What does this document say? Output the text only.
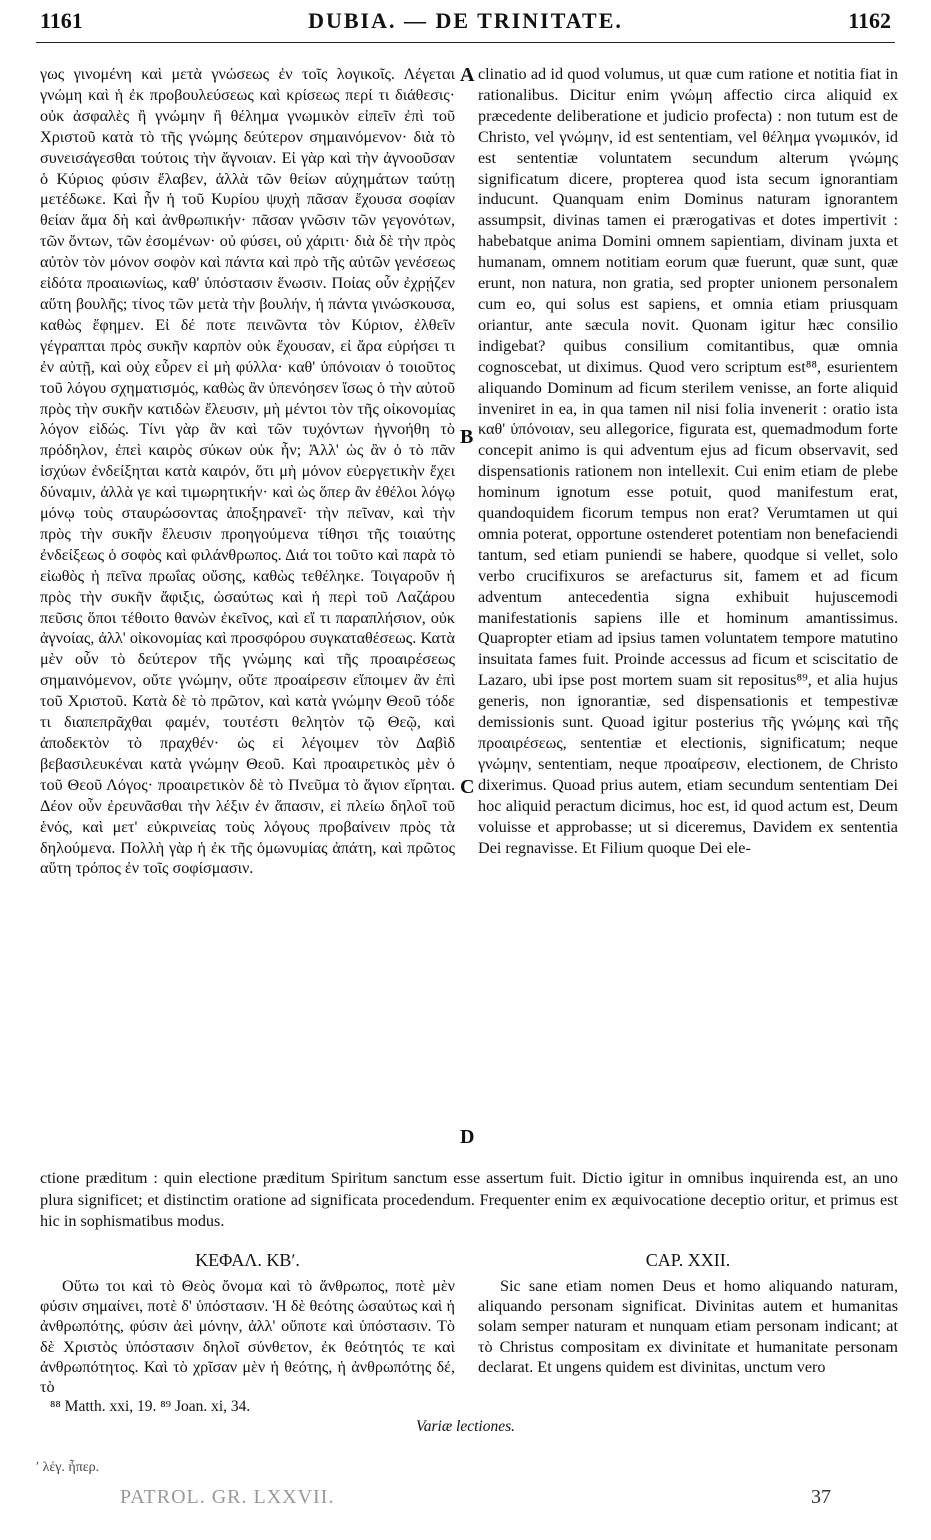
1161	DUBIA. — DE TRINITATE.	1162

γως γινομένη καὶ μετὰ γνώσεως ἐν τοῖς λογικοῖς. Λέγεται γνώμη καὶ ἡ ἐκ προβουλεύσεως καὶ κρίσεως περί τι διάθεσις· οὐκ ἀσφαλὲς ἢ γνώμην ἢ θέλημα γνωμικὸν εἰπεῖν ἐπὶ τοῦ Χριστοῦ κατὰ τὸ τῆς γνώμης δεύτερον σημαινόμενον· διὰ τὸ συνεισάγεσθαι τούτοις τὴν ἄγνοιαν. Εἰ γὰρ καὶ τὴν ἀγνοοῦσαν ὁ Κύριος φύσιν ἔλαβεν, ἀλλὰ τῶν θείων αὐχημάτων ταύτῃ μετέδωκε. Καὶ ἦν ἡ τοῦ Κυρίου ψυχὴ πᾶσαν ἔχουσα σοφίαν θείαν ἅμα δὴ καὶ ἀνθρωπικήν· πᾶσαν γνῶσιν τῶν γεγονότων, τῶν ὄντων, τῶν ἐσομένων· οὐ φύσει, οὐ χάριτι· διὰ δὲ τὴν πρὸς αὐτὸν τὸν μόνον σοφὸν καὶ πάντα καὶ πρὸ τῆς αὐτῶν γενέσεως εἰδότα προαιωνίως, καθ' ὑπόστασιν ἕνωσιν. Ποίας οὖν ἐχρῄζεν αὕτη βουλῆς; τίνος τῶν μετὰ τὴν βουλήν, ἡ πάντα γινώσκουσα, καθὼς ἔφημεν. Εἰ δέ ποτε πεινῶντα τὸν Κύριον, ἐλθεῖν γέγραπται πρὸς συκῆν καρπὸν οὐκ ἔχουσαν, εἰ ἄρα εὑρήσει τι ἐν αὐτῇ, καὶ οὐχ εὗρεν εἰ μὴ φύλλα· καθ' ὑπόνοιαν ὁ τοιοῦτος τοῦ λόγου σχηματισμός, καθὼς ἂν ὑπενόησεν ἴσως ὁ τὴν αὐτοῦ πρὸς τὴν συκῆν κατιδὼν ἔλευσιν, μὴ μέντοι τὸν τῆς οἰκονομίας λόγον εἰδώς. Τίνι γὰρ ἂν καὶ τῶν τυχόντων ἠγνοήθη τὸ πρόδηλον, ἐπεὶ καιρὸς σύκων οὐκ ἦν; Ἀλλ' ὡς ἂν ὁ τὸ πᾶν ἰσχύων ἐνδείξηται κατὰ καιρόν, ὅτι μὴ μόνον εὐεργετικὴν ἔχει δύναμιν, ἀλλὰ γε καὶ τιμωρητικήν· καὶ ὡς ὅπερ ἂν ἐθέλοι λόγῳ μόνῳ τοὺς σταυρώσοντας ἀποξηρανεῖ· τὴν πεῖναν, καὶ τὴν πρὸς τὴν συκῆν ἔλευσιν προηγούμενα τίθησι τῆς τοιαύτης ἐνδείξεως ὁ σοφὸς καὶ φιλάνθρωπος. Διά τοι τοῦτο καὶ παρὰ τὸ εἰωθὸς ἡ πεῖνα πρωΐας οὔσης, καθὼς τεθέληκε. Τοιγαροῦν ἡ πρὸς τὴν συκῆν ἄφιξις, ὡσαύτως καὶ ἡ περὶ τοῦ Λαζάρου πεῦσις ὅποι τέθοιτο θανὼν ἐκεῖνος, καὶ εἴ τι παραπλήσιον, οὐκ ἀγνοίας, ἀλλ' οἰκονομίας καὶ προσφόρου συγκαταθέσεως. Κατὰ μὲν οὖν τὸ δεύτερον τῆς γνώμης καὶ τῆς προαιρέσεως σημαινόμενον, οὔτε γνώμην, οὔτε προαίρεσιν εἴποιμεν ἂν ἐπὶ τοῦ Χριστοῦ. Κατὰ δὲ τὸ πρῶτον, καὶ κατὰ γνώμην Θεοῦ τόδε τι διαπεπρᾶχθαι φαμέν, τουτέστι θελητὸν τῷ Θεῷ, καὶ ἀποδεκτὸν τὸ πραχθέν· ὡς εἰ λέγοιμεν τὸν Δαβὶδ βεβασιλευκέναι κατὰ γνώμην Θεοῦ. Καὶ προαιρετικὸς μὲν ὁ τοῦ Θεοῦ Λόγος· προαιρετικὸν δὲ τὸ Πνεῦμα τὸ ἅγιον εἴρηται. Δέον οὖν ἐρευνᾶσθαι τὴν λέξιν ἐν ἅπασιν, εἰ πλείω δηλοῖ τοῦ ἑνός, καὶ μετ' εὐκρινείας τοὺς λόγους προβαίνειν πρὸς τὰ δηλούμενα. Πολλὴ γὰρ ἡ ἐκ τῆς ὁμωνυμίας ἀπάτη, καὶ πρῶτος αὕτη τρόπος ἐν τοῖς σοφίσμασιν.

clinatio ad id quod volumus, ut quæ cum ratione et notitia fiat in rationalibus. Dicitur enim γνώμη affectio circa aliquid ex præcedente deliberatione et judicio profecta) : non tutum est de Christo, vel γνώμην, id est sententiam, vel θέλημα γνωμικόν, id est sententiæ voluntatem secundum alterum γνώμης significatum dicere, propterea quod ista secum ignorantiam inducunt. Quanquam enim Dominus naturam ignorantem assumpsit, divinas tamen ei prærogativas et dotes impertivit : habebatque anima Domini omnem sapientiam, divinam juxta et humanam, omnem notitiam eorum quæ fuerunt, quæ sunt, quæ erunt, non natura, non gratia, sed propter unionem personalem cum eo, qui solus est sapiens, et omnia etiam priusquam oriantur, ante sæcula novit. Quonam igitur hæc consilio indigebat? quibus consilium comitantibus, quæ omnia cognoscebat, ut diximus. Quod vero scriptum est⁸⁸, esurientem aliquando Dominum ad ficum sterilem venisse, an forte aliquid inveniret in ea, in qua tamen nil nisi folia invenerit : oratio ista καθ' ὑπόνοιαν, seu allegorice, figurata est, quemadmodum forte concepit animo is qui adventum ejus ad ficum observavit, sed dispensationis rationem non intellexit. Cui enim etiam de plebe hominum ignotum esse potuit, quod manifestum erat, quandoquidem ficorum tempus non erat? Verumtamen ut qui omnia poterat, opportune ostenderet potentiam non benefaciendi tantum, sed etiam puniendi se habere, quodque si vellet, solo verbo crucifixuros se arefacturus sit, famem et ad ficum adventum antecedentia signa exhibuit hujuscemodi manifestationis sapiens ille et hominum amantissimus. Quapropter etiam ad ipsius tamen voluntatem tempore matutino insuitata fames fuit. Proinde accessus ad ficum et sciscitatio de Lazaro, ubi ipse post mortem suam sit repositus⁸⁹, et alia hujus generis, non ignorantiæ, sed dispensationis et tempestivæ demissionis sunt. Quoad igitur posterius τῆς γνώμης καὶ τῆς προαιρέσεως, sententiæ et electionis, significatum; neque γνώμην, sententiam, neque προαίρεσιν, electionem, de Christo dixerimus. Quoad prius autem, etiam secundum sententiam Dei hoc aliquid peractum dicimus, hoc est, id quod actum est, Deum voluisse et approbasse; ut si diceremus, Davidem ex sententia Dei regnavisse. Et Filium quoque Dei ele-

A
B
C
D
ctione præditum : quin electione præditum Spiritum sanctum esse assertum fuit. Dictio igitur in omnibus inquirenda est, an uno plura significet; et distinctim oratione ad significata procedendum. Frequenter enim ex æquivocatione deceptio oritur, et primus est hic in sophismatibus modus.
ΚΕΦΑΛ. ΚΒʹ.	CAP. XXII.
Οὕτω τοι καὶ τὸ Θεὸς ὄνομα καὶ τὸ ἄνθρωπος, ποτὲ μὲν φύσιν σημαίνει, ποτὲ δ' ὑπόστασιν. Ἡ δὲ θεότης ὡσαύτως καὶ ἡ ἀνθρωπότης, φύσιν ἀεὶ μόνην, ἀλλ' οὔποτε καὶ ὑπόστασιν. Τὸ δὲ Χριστὸς ὑπόστασιν δηλοῖ σύνθετον, ἐκ θεότητός τε καὶ ἀνθρωπότητος. Καὶ τὸ χρῖσαν μὲν ἡ θεότης, ἡ ἀνθρωπότης δέ, τὸ
Sic sane etiam nomen Deus et homo aliquando naturam, aliquando personam significat. Divinitas autem et humanitas solam semper naturam et nunquam etiam personam indicant; at τὸ Christus compositam ex divinitate et humanitate personam declarat. Et ungens quidem est divinitas, unctum vero
⁸⁸ Matth. xxi, 19. ⁸⁹ Joan. xi, 34.
Variæ lectiones.
ʹ λέγ. ἦπερ.
PATROL. GR. LXXVII.	37
